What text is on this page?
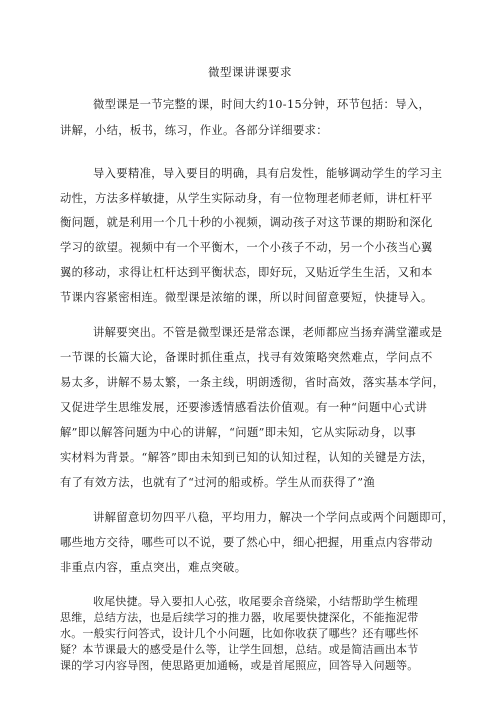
微型课讲课要求
微型课是一节完整的课，时间大约10-15分钟，环节包括：导入，
讲解，小结，板书，练习，作业。各部分详细要求：
导入要精准，导入要目的明确，具有启发性，能够调动学生的学习主
动性，方法多样敏捷，从学生实际动身，有一位物理老师老师，讲杠杆平
衡问题，就是利用一个几十秒的小视频，调动孩子对这节课的期盼和深化
学习的欲望。视频中有一个平衡木，一个小孩子不动，另一个小孩当心翼
翼的移动，求得让杠杆达到平衡状态，即好玩，又贴近学生生活，又和本
节课内容紧密相连。微型课是浓缩的课，所以时间留意要短，快捷导入。
讲解要突出。不管是微型课还是常态课，老师都应当扬弃满堂灌或是
一节课的长篇大论，备课时抓住重点，找寻有效策略突然难点，学问点不
易太多，讲解不易太繁，一条主线，明朗透彻，省时高效，落实基本学问，
又促进学生思维发展，还要渗透情感看法价值观。有一种“问题中心式讲
解”即以解答问题为中心的讲解，“问题”即未知，它从实际动身，以事
实材料为背景。“解答”即由未知到已知的认知过程，认知的关键是方法，
有了有效方法，也就有了“过河的船或桥。学生从而获得了”渔
讲解留意切勿四平八稳，平均用力，解决一个学问点或两个问题即可，
哪些地方交待，哪些可以不说，要了然心中，细心把握，用重点内容带动
非重点内容，重点突出，难点突破。
收尾快捷。导入要扣人心弦，收尾要余音绕梁，小结帮助学生梳理
思维，总结方法，也是后续学习的推力器，收尾要快捷深化，不能拖泥带
水。一般实行问答式，设计几个小问题，比如你收获了哪些？还有哪些怀
疑？本节课最大的感受是什么等，让学生回想，总结。或是简洁画出本节
课的学习内容导图，使思路更加通畅，或是首尾照应，回答导入问题等。
